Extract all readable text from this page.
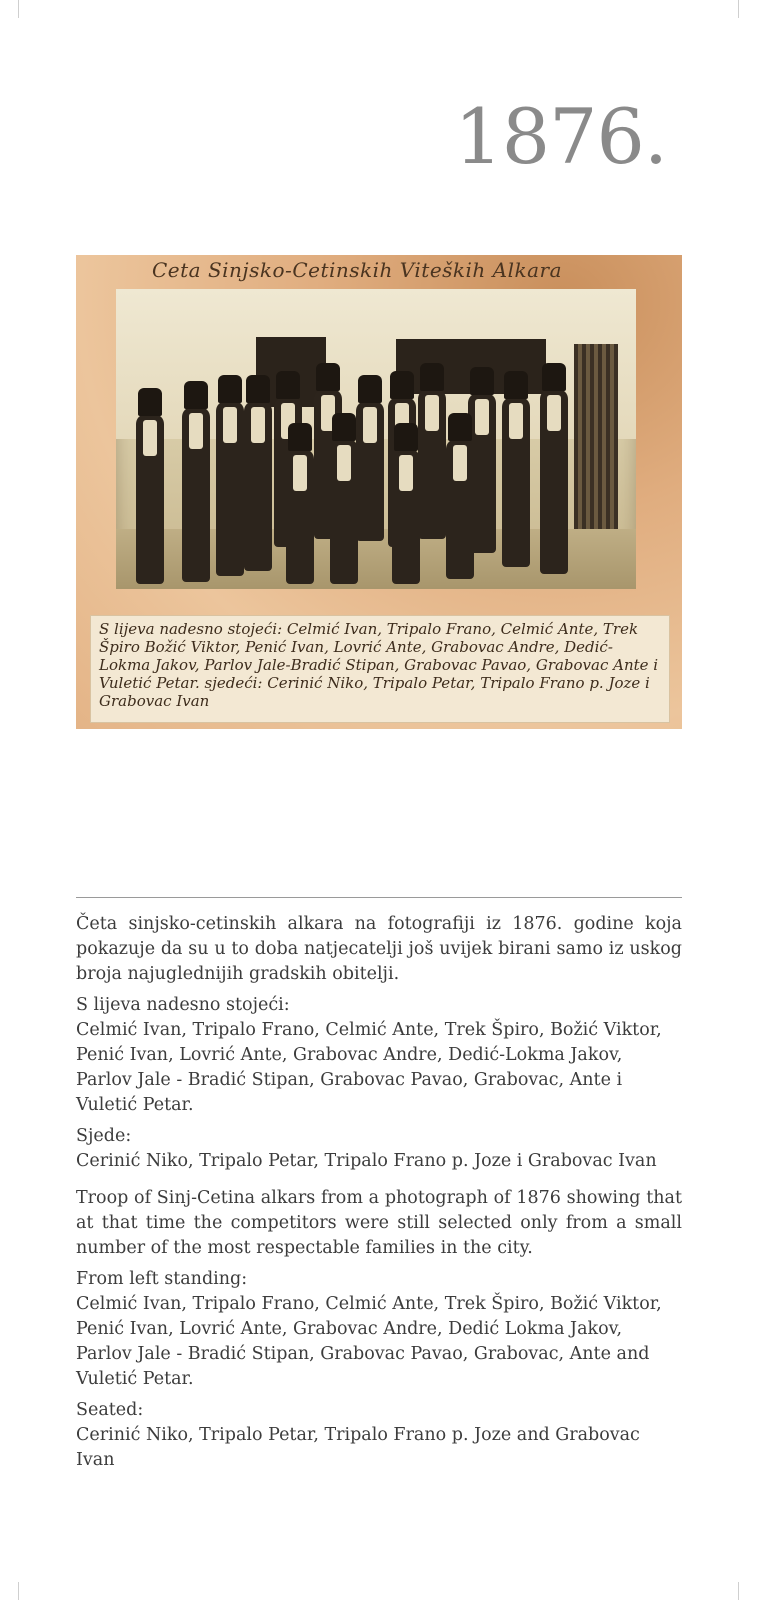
1876.
Ceta Sinjsko-Cetinskih Viteških Alkara
S lijeva nadesno stojeći: Celmić Ivan, Tripalo Frano, Celmić Ante, Trek Špiro Božić Viktor, Penić Ivan, Lovrić Ante, Grabovac Andre, Dedić-Lokma Jakov, Parlov Jale-Bradić Stipan, Grabovac Pavao, Grabovac Ante i Vuletić Petar. sjedeći: Cerinić Niko, Tripalo Petar, Tripalo Frano p. Joze i Grabovac Ivan

Četa sinjsko-cetinskih alkara na fotografiji iz 1876. godine koja pokazuje da su u to doba natjecatelji još uvijek birani samo iz uskog broja najuglednijih gradskih obitelji.

S lijeva nadesno stojeći:

Celmić Ivan, Tripalo Frano, Celmić Ante, Trek Špiro, Božić Viktor, Penić Ivan, Lovrić Ante, Grabovac Andre, Dedić-Lokma Jakov, Parlov Jale - Bradić Stipan, Grabovac Pavao, Grabovac, Ante i Vuletić Petar.

Sjede:

Cerinić Niko, Tripalo Petar, Tripalo Frano p. Joze i Grabovac Ivan

Troop of Sinj-Cetina alkars from a photograph of 1876 showing that at that time the competitors were still selected only from a small number of the most respectable families in the city.

From left standing:

Celmić Ivan, Tripalo Frano, Celmić Ante, Trek Špiro, Božić Viktor, Penić Ivan, Lovrić Ante, Grabovac Andre, Dedić Lokma Jakov, Parlov Jale - Bradić Stipan, Grabovac Pavao, Grabovac, Ante and Vuletić Petar.

Seated:

Cerinić Niko, Tripalo Petar, Tripalo Frano p. Joze and Grabovac Ivan
